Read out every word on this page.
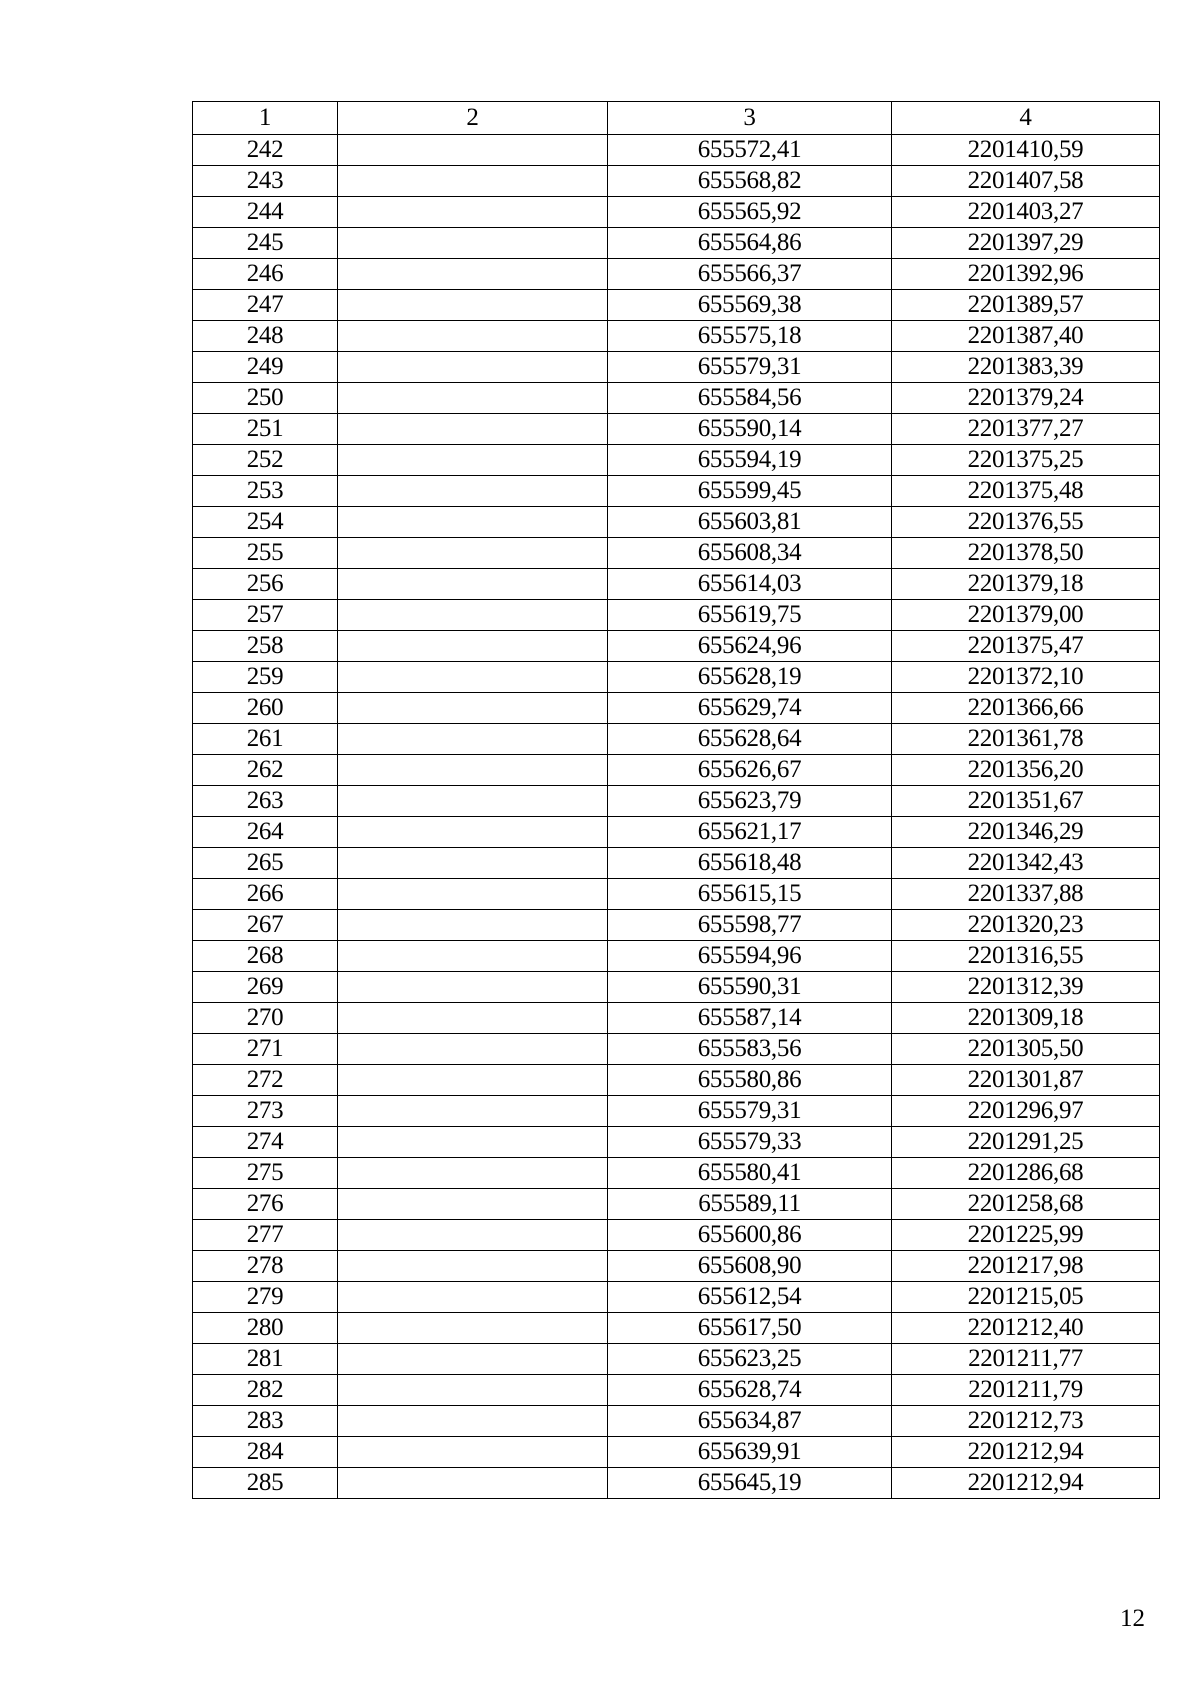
1	2	3	4
242		655572,41	2201410,59
243		655568,82	2201407,58
244		655565,92	2201403,27
245		655564,86	2201397,29
246		655566,37	2201392,96
247		655569,38	2201389,57
248		655575,18	2201387,40
249		655579,31	2201383,39
250		655584,56	2201379,24
251		655590,14	2201377,27
252		655594,19	2201375,25
253		655599,45	2201375,48
254		655603,81	2201376,55
255		655608,34	2201378,50
256		655614,03	2201379,18
257		655619,75	2201379,00
258		655624,96	2201375,47
259		655628,19	2201372,10
260		655629,74	2201366,66
261		655628,64	2201361,78
262		655626,67	2201356,20
263		655623,79	2201351,67
264		655621,17	2201346,29
265		655618,48	2201342,43
266		655615,15	2201337,88
267		655598,77	2201320,23
268		655594,96	2201316,55
269		655590,31	2201312,39
270		655587,14	2201309,18
271		655583,56	2201305,50
272		655580,86	2201301,87
273		655579,31	2201296,97
274		655579,33	2201291,25
275		655580,41	2201286,68
276		655589,11	2201258,68
277		655600,86	2201225,99
278		655608,90	2201217,98
279		655612,54	2201215,05
280		655617,50	2201212,40
281		655623,25	2201211,77
282		655628,74	2201211,79
283		655634,87	2201212,73
284		655639,91	2201212,94
285		655645,19	2201212,94
12
